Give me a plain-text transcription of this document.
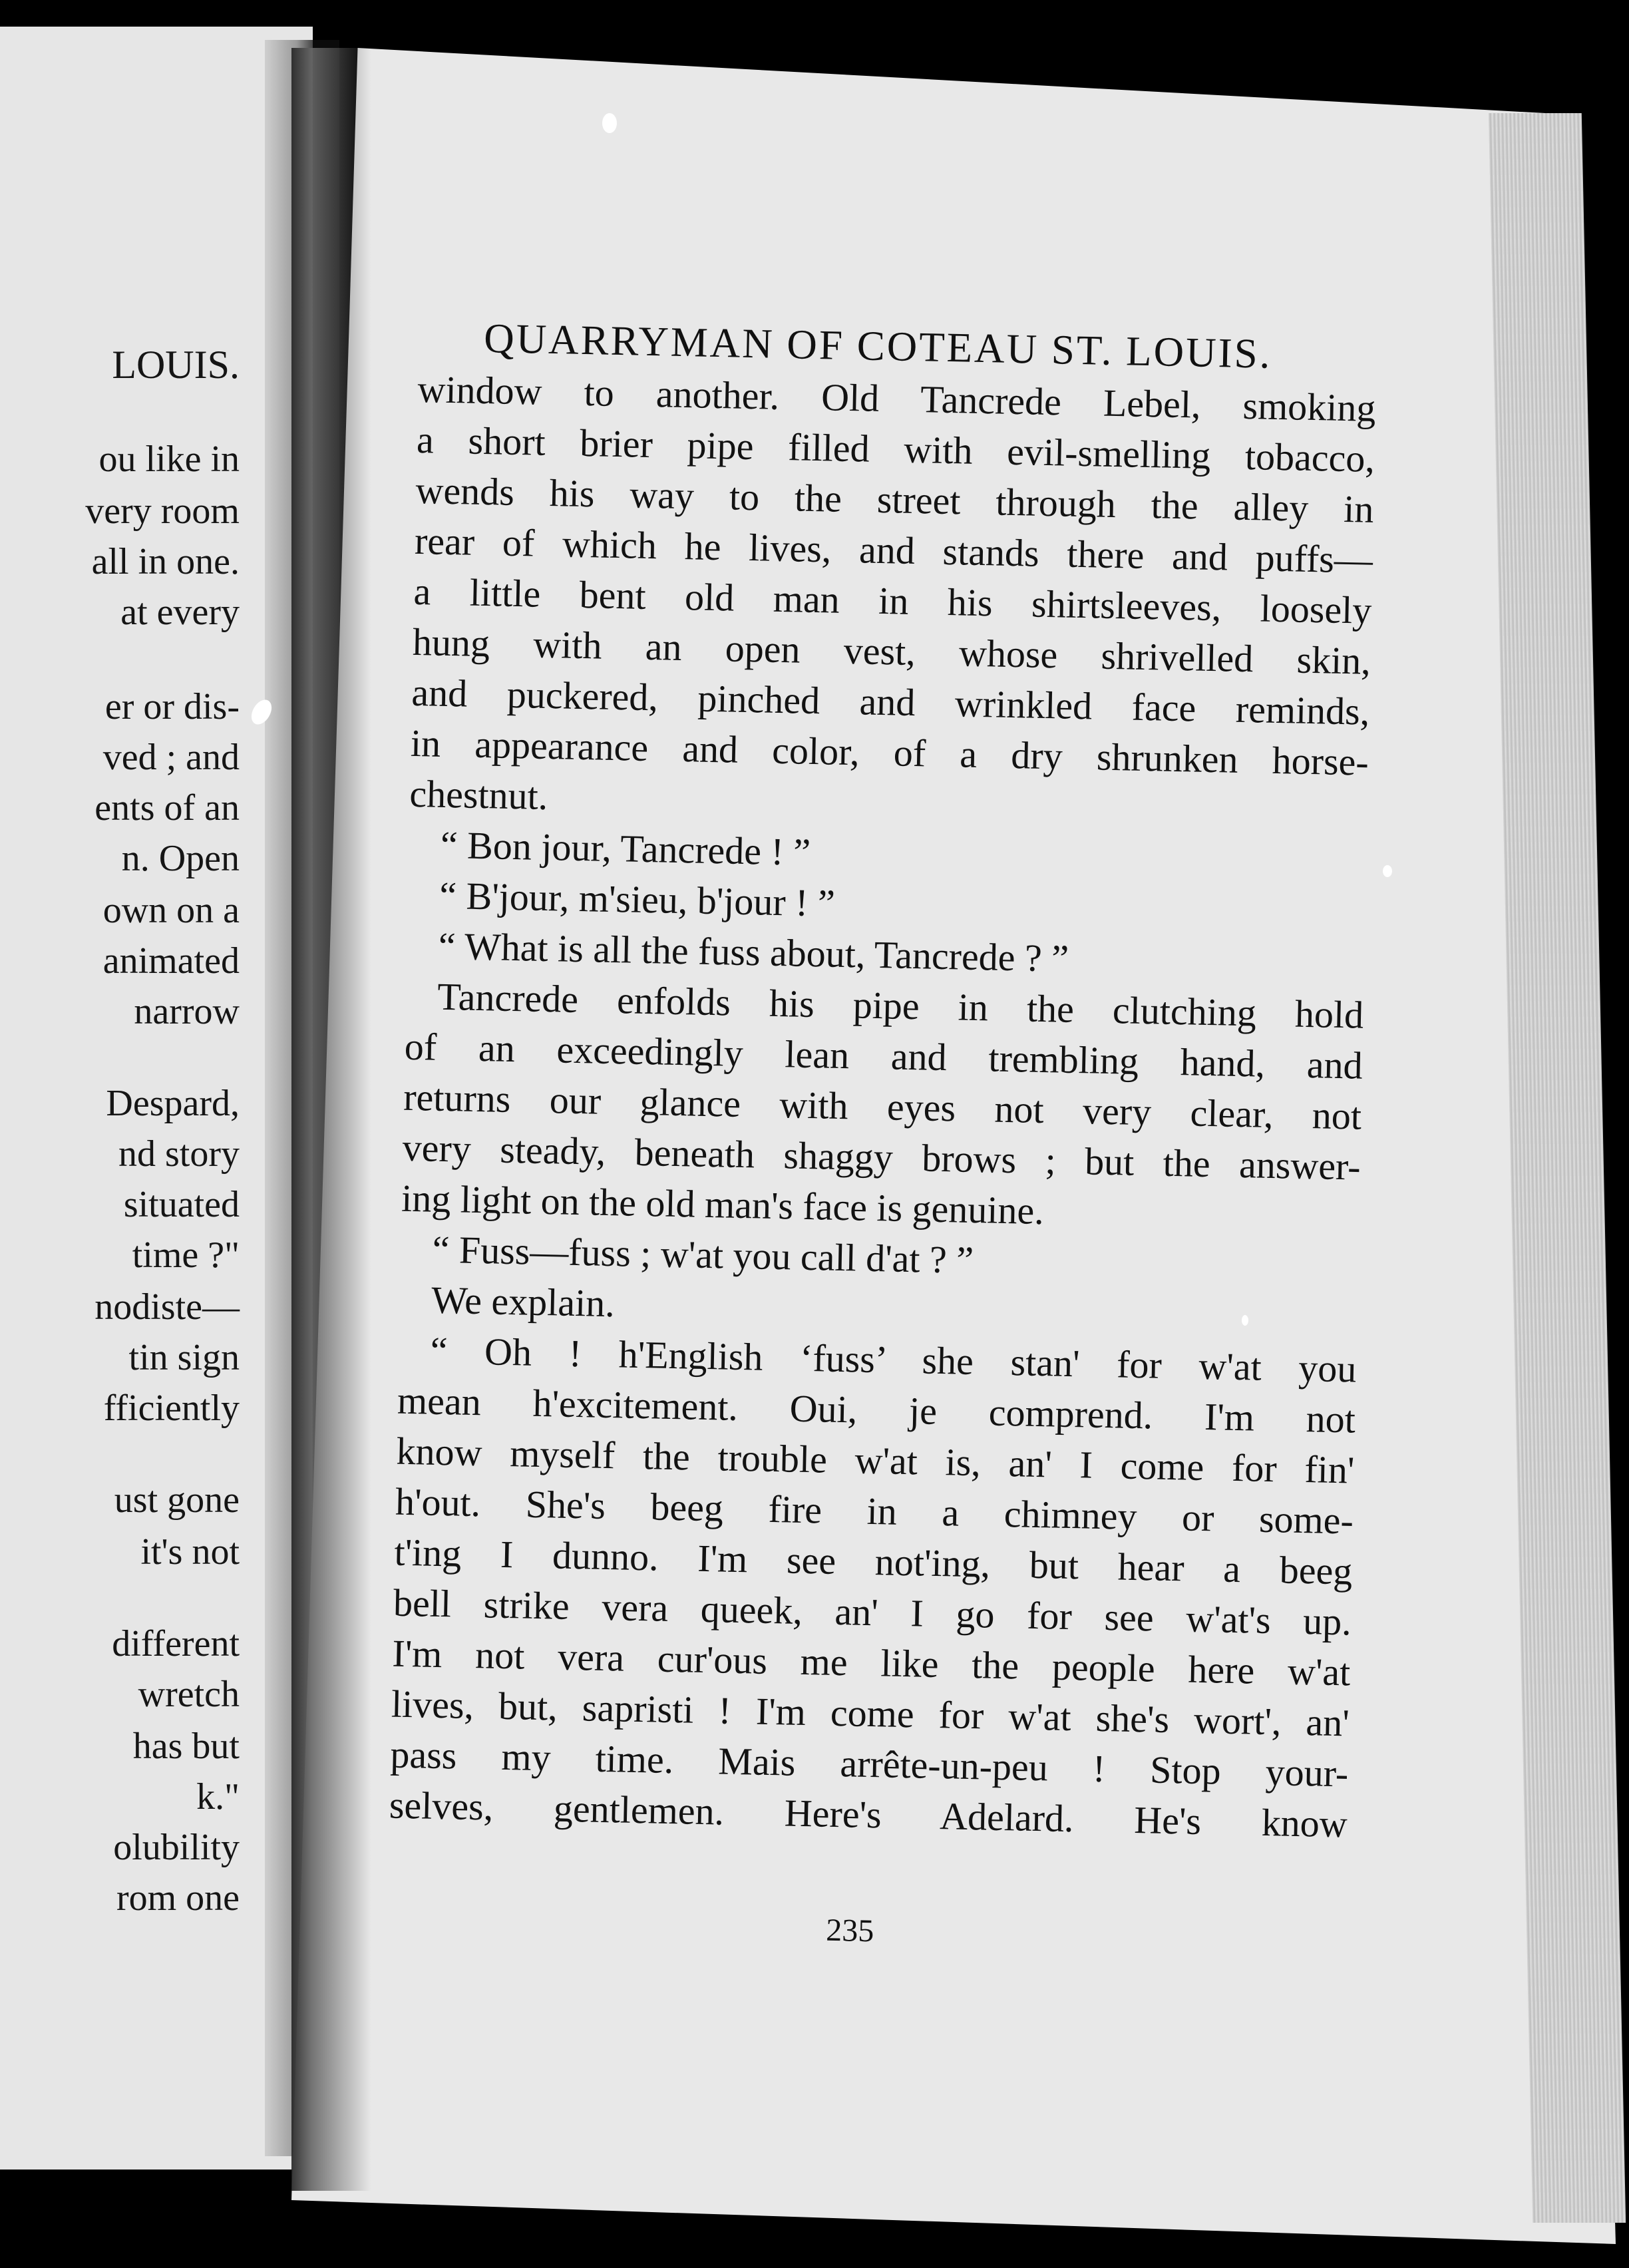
LOUIS.
ou like in
very room
all in one.
at every
er or dis-
ved ; and
ents of an
n. Open
own on a
animated
narrow
Despard,
nd story
situated
time ?"
nodiste—
tin sign
fficiently
ust gone
it's not
different
wretch
has but
k."
olubility
rom one
QUARRYMAN OF COTEAU ST. LOUIS.
window to another. Old Tancrede Lebel, smoking
a short brier pipe filled with evil-smelling tobacco,
wends his way to the street through the alley in
rear of which he lives, and stands there and puffs—
a little bent old man in his shirtsleeves, loosely
hung with an open vest, whose shrivelled skin,
and puckered, pinched and wrinkled face reminds,
in appearance and color, of a dry shrunken horse-
chestnut.
“ Bon jour, Tancrede ! ”
“ B'jour, m'sieu, b'jour ! ”
“ What is all the fuss about, Tancrede ? ”
Tancrede enfolds his pipe in the clutching hold
of an exceedingly lean and trembling hand, and
returns our glance with eyes not very clear, not
very steady, beneath shaggy brows ; but the answer-
ing light on the old man's face is genuine.
“ Fuss—fuss ; w'at you call d'at ? ”
We explain.
“ Oh ! h'English ‘fuss’ she stan' for w'at you
mean h'excitement. Oui, je comprend. I'm not
know myself the trouble w'at is, an' I come for fin'
h'out. She's beeg fire in a chimney or some-
t'ing I dunno. I'm see not'ing, but hear a beeg
bell strike vera queek, an' I go for see w'at's up.
I'm not vera cur'ous me like the people here w'at
lives, but, sapristi ! I'm come for w'at she's wort', an'
pass my time. Mais arrête-un-peu ! Stop your-
selves, gentlemen. Here's Adelard. He's know
235
